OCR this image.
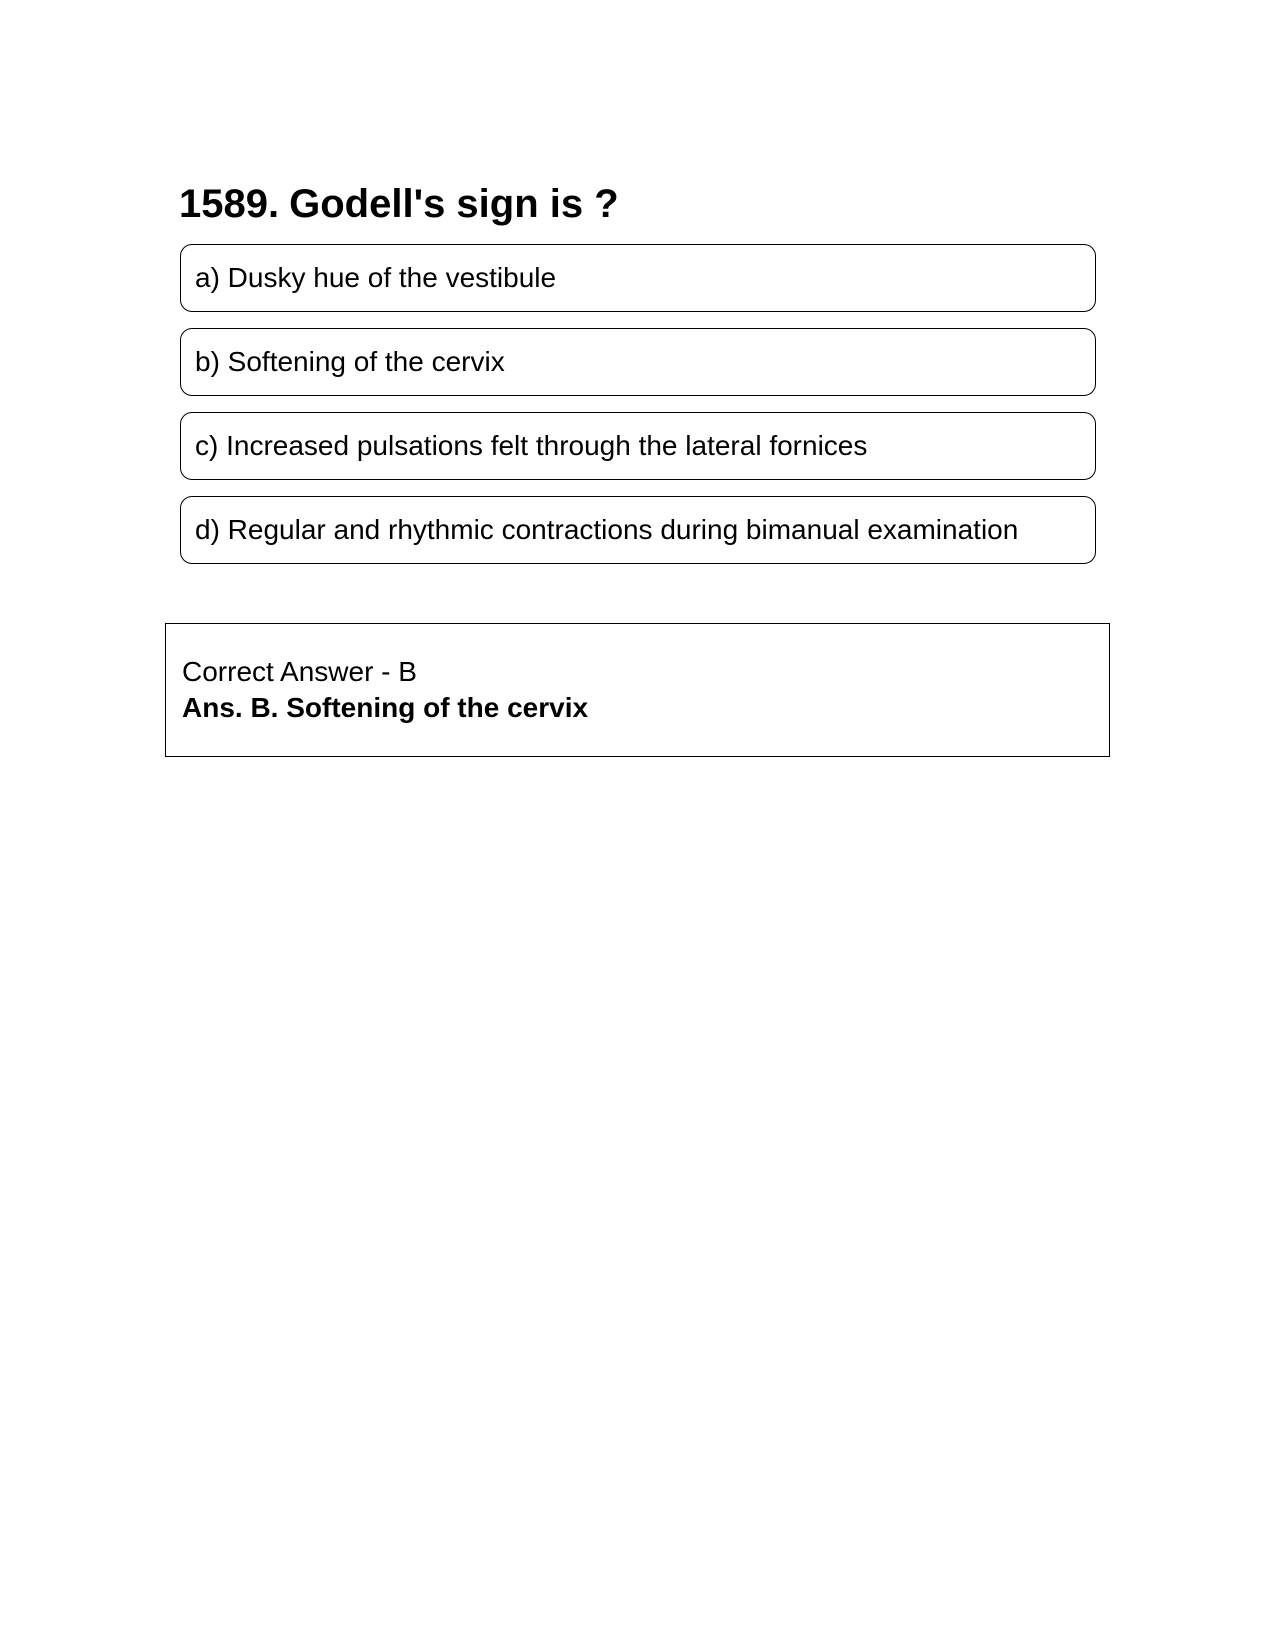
1589. Godell's sign is ?
a) Dusky hue of the vestibule
b) Softening of the cervix
c) Increased pulsations felt through the lateral fornices
d) Regular and rhythmic contractions during bimanual examination
Correct Answer - B
Ans. B. Softening of the cervix
